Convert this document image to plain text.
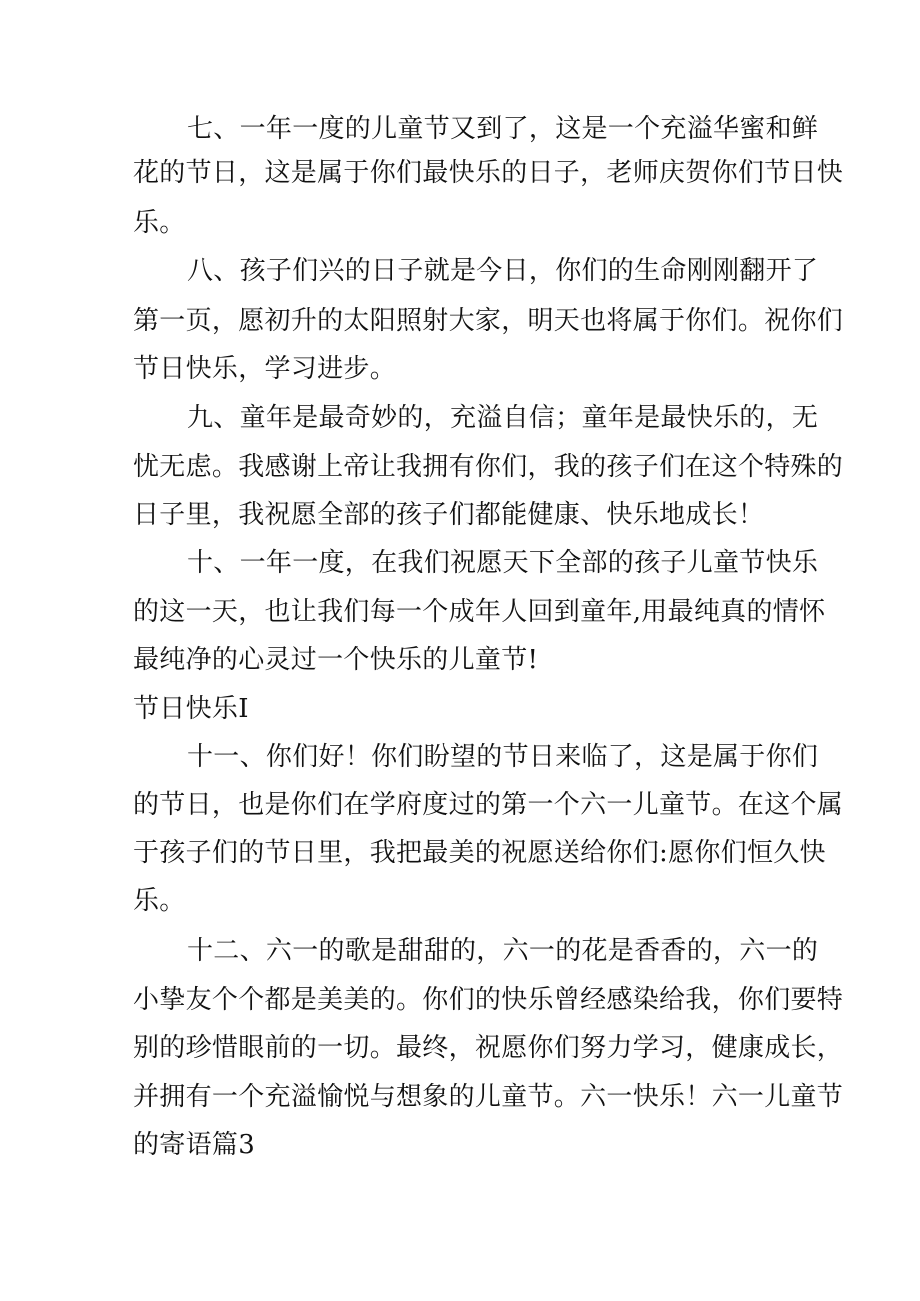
七、一年一度的儿童节又到了，这是一个充溢华蜜和鲜
花的节日，这是属于你们最快乐的日子，老师庆贺你们节日快
乐。
八、孩子们兴的日子就是今日，你们的生命刚刚翻开了
第一页，愿初升的太阳照射大家，明天也将属于你们。祝你们
节日快乐，学习进步。
九、童年是最奇妙的，充溢自信；童年是最快乐的，无
忧无虑。我感谢上帝让我拥有你们，我的孩子们在这个特殊的
日子里，我祝愿全部的孩子们都能健康、快乐地成长！
十、一年一度，在我们祝愿天下全部的孩子儿童节快乐
的这一天，也让我们每一个成年人回到童年,用最纯真的情怀
最纯净的心灵过一个快乐的儿童节!
节日快乐I
十一、你们好！你们盼望的节日来临了，这是属于你们
的节日，也是你们在学府度过的第一个六一儿童节。在这个属
于孩子们的节日里，我把最美的祝愿送给你们:愿你们恒久快
乐。
十二、六一的歌是甜甜的，六一的花是香香的，六一的
小挚友个个都是美美的。你们的快乐曾经感染给我，你们要特
别的珍惜眼前的一切。最终，祝愿你们努力学习，健康成长，
并拥有一个充溢愉悦与想象的儿童节。六一快乐！六一儿童节
的寄语篇3
